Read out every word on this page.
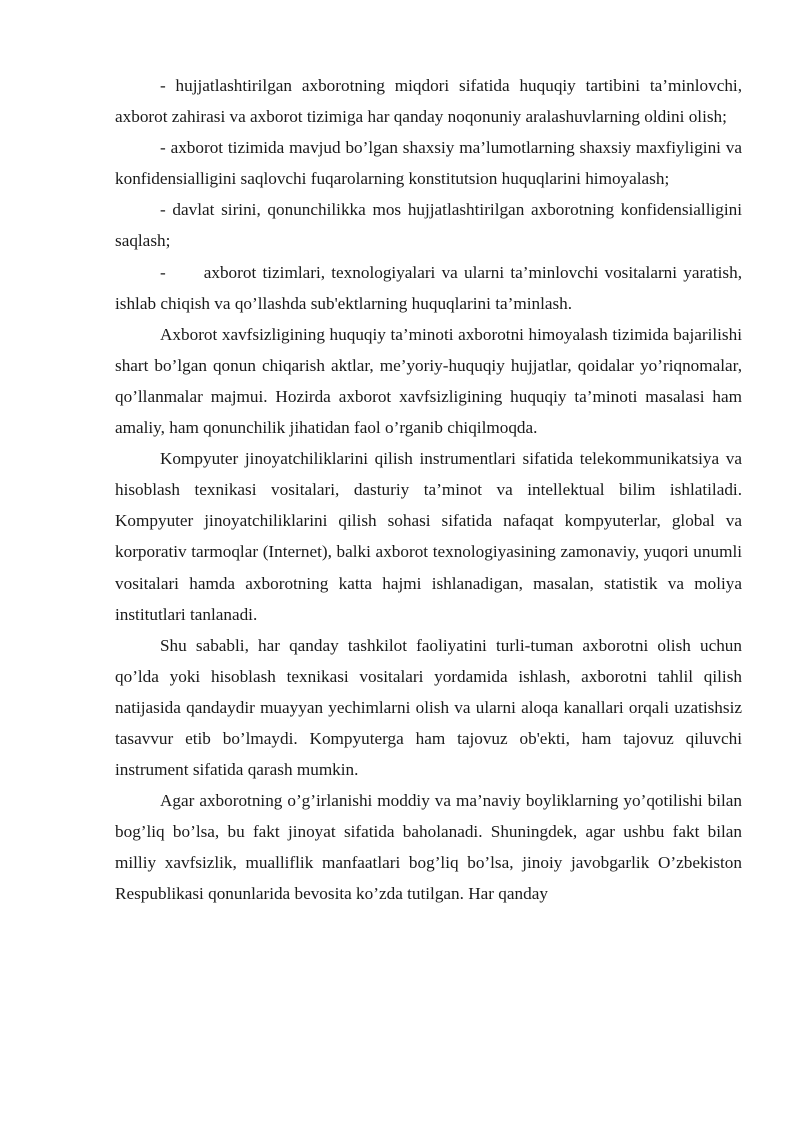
- hujjatlashtirilgan axborotning miqdori sifatida huquqiy tartibini ta’minlovchi, axborot zahirasi va axborot tizimiga har qanday noqonuniy aralashuvlarning oldini olish;

- axborot tizimida mavjud bo’lgan shaxsiy ma’lumotlarning shaxsiy maxfiyligini va konfidensialligini saqlovchi fuqarolarning konstitutsion huquqlarini himoyalash;

- davlat sirini, qonunchilikka mos hujjatlashtirilgan axborotning konfidensialligini saqlash;

- axborot tizimlari, texnologiyalari va ularni ta’minlovchi vositalarni yaratish, ishlab chiqish va qo’llashda sub'ektlarning huquqlarini ta’minlash.

Axborot xavfsizligining huquqiy ta’minoti axborotni himoyalash tizimida bajarilishi shart bo’lgan qonun chiqarish aktlar, me’yoriy-huquqiy hujjatlar, qoidalar yo’riqnomalar, qo’llanmalar majmui. Hozirda axborot xavfsizligining huquqiy ta’minoti masalasi ham amaliy, ham qonunchilik jihatidan faol o’rganib chiqilmoqda.

Kompyuter jinoyatchiliklarini qilish instrumentlari sifatida telekommunikatsiya va hisoblash texnikasi vositalari, dasturiy ta’minot va intellektual bilim ishlatiladi. Kompyuter jinoyatchiliklarini qilish sohasi sifatida nafaqat kompyuterlar, global va korporativ tarmoqlar (Internet), balki axborot texnologiyasining zamonaviy, yuqori unumli vositalari hamda axborotning katta hajmi ishlanadigan, masalan, statistik va moliya institutlari tanlanadi.

Shu sababli, har qanday tashkilot faoliyatini turli-tuman axborotni olish uchun qo’lda yoki hisoblash texnikasi vositalari yordamida ishlash, axborotni tahlil qilish natijasida qandaydir muayyan yechimlarni olish va ularni aloqa kanallari orqali uzatishsiz tasavvur etib bo’lmaydi. Kompyuterga ham tajovuz ob'ekti, ham tajovuz qiluvchi instrument sifatida qarash mumkin.

Agar axborotning o’g’irlanishi moddiy va ma’naviy boyliklarning yo’qotilishi bilan bog’liq bo’lsa, bu fakt jinoyat sifatida baholanadi. Shuningdek, agar ushbu fakt bilan milliy xavfsizlik, mualliflik manfaatlari bog’liq bo’lsa, jinoiy javobgarlik O’zbekiston Respublikasi qonunlarida bevosita ko’zda tutilgan. Har qanday
